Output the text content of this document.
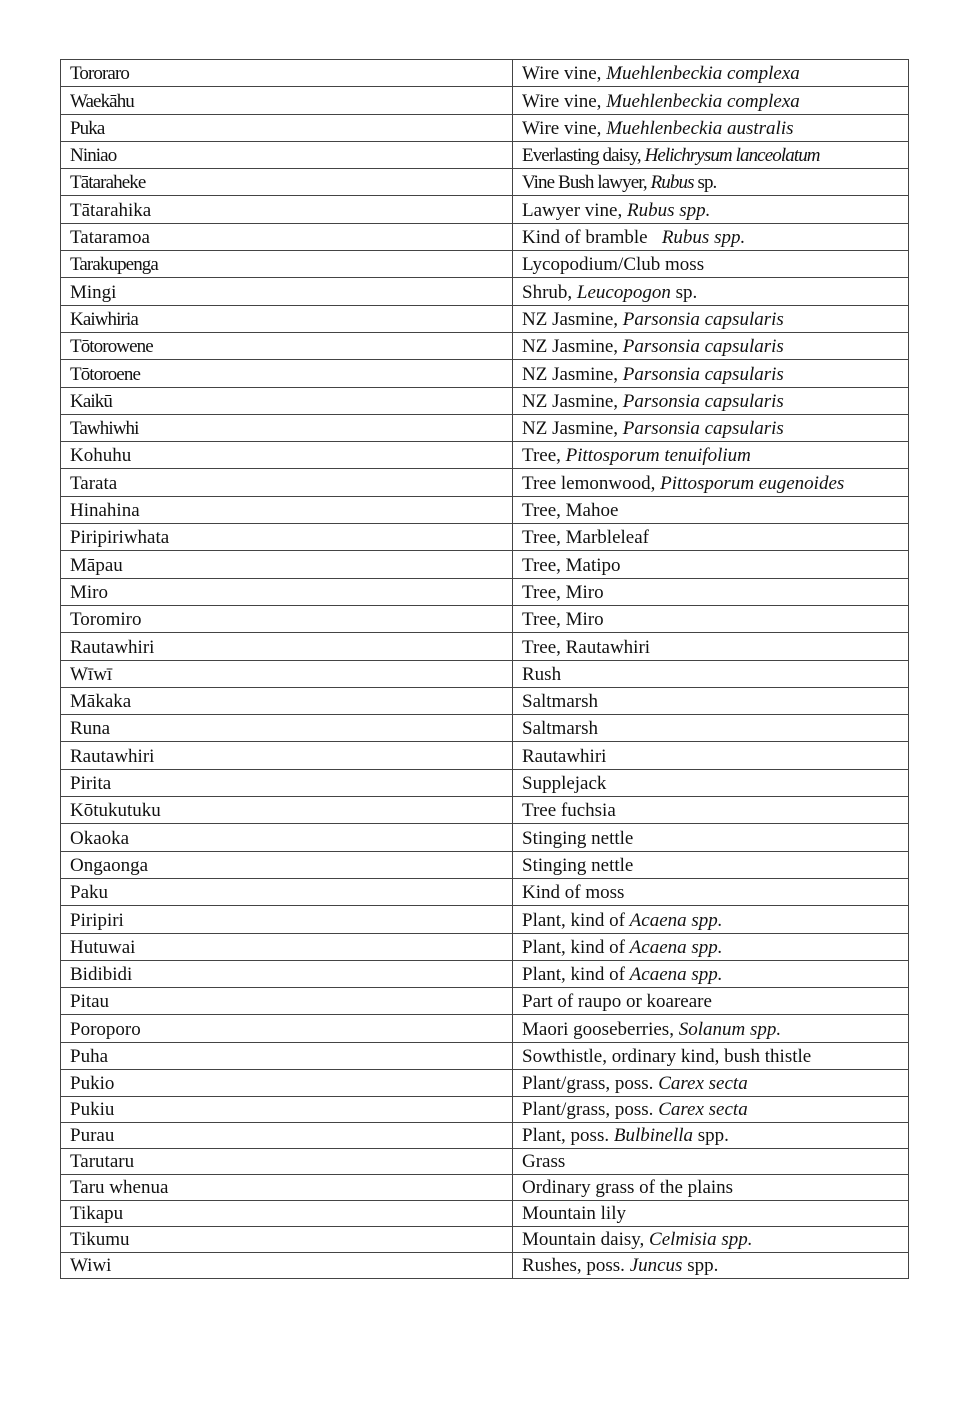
Tororaro	Wire vine, Muehlenbeckia complexa
Waekāhu	Wire vine, Muehlenbeckia complexa
Puka	Wire vine, Muehlenbeckia australis
Niniao	Everlasting daisy, Helichrysum lanceolatum
Tātaraheke	Vine Bush lawyer, Rubus sp.
Tātarahika	Lawyer vine, Rubus spp.
Tataramoa	Kind of bramble   Rubus spp.
Tarakupenga	Lycopodium/Club moss
Mingi	Shrub, Leucopogon sp.
Kaiwhiria	NZ Jasmine, Parsonsia capsularis
Tōtorowene	NZ Jasmine, Parsonsia capsularis
Tōtoroene	NZ Jasmine, Parsonsia capsularis
Kaikū	NZ Jasmine, Parsonsia capsularis
Tawhiwhi	NZ Jasmine, Parsonsia capsularis
Kohuhu	Tree, Pittosporum tenuifolium
Tarata	Tree lemonwood, Pittosporum eugenoides
Hinahina	Tree, Mahoe
Piripiriwhata	Tree, Marbleleaf
Māpau	Tree, Matipo
Miro	Tree, Miro
Toromiro	Tree, Miro
Rautawhiri	Tree, Rautawhiri
Wīwī	Rush
Mākaka	Saltmarsh
Runa	Saltmarsh
Rautawhiri	Rautawhiri
Pirita	Supplejack
Kōtukutuku	Tree fuchsia
Okaoka	Stinging nettle
Ongaonga	Stinging nettle
Paku	Kind of moss
Piripiri	Plant, kind of Acaena spp.
Hutuwai	Plant, kind of Acaena spp.
Bidibidi	Plant, kind of Acaena spp.
Pitau	Part of raupo or koareare
Poroporo	Maori gooseberries, Solanum spp.
Puha	Sowthistle, ordinary kind, bush thistle
Pukio	Plant/grass, poss. Carex secta
Pukiu	Plant/grass, poss. Carex secta
Purau	Plant, poss. Bulbinella spp.
Tarutaru	Grass
Taru whenua	Ordinary grass of the plains
Tikapu	Mountain lily
Tikumu	Mountain daisy, Celmisia spp.
Wiwi	Rushes, poss. Juncus spp.
